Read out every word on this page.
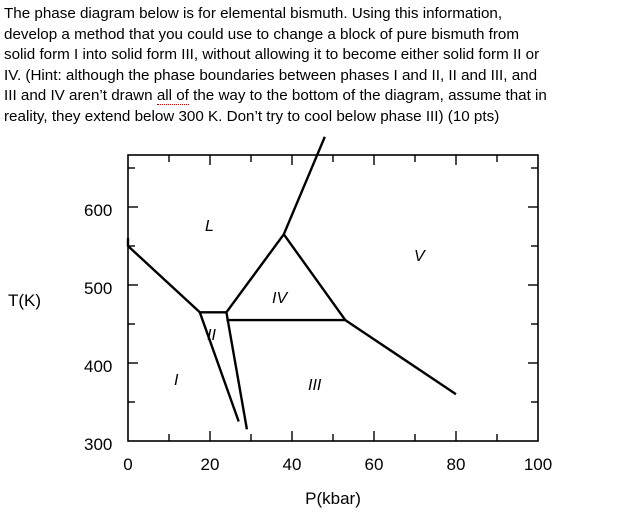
The phase diagram below is for elemental bismuth. Using this information,
develop a method that you could use to change a block of pure bismuth from
solid form I into solid form III, without allowing it to become either solid form II or
IV. (Hint: although the phase boundaries between phases I and II, II and III, and
III and IV aren’t drawn all of the way to the bottom of the diagram, assume that in
reality, they extend below 300 K. Don’t try to cool below phase III) (10 pts)

600
500
400
300
0	20	40	60	80	100
T(K)
P(kbar)
L
V
IV
II
I	III
